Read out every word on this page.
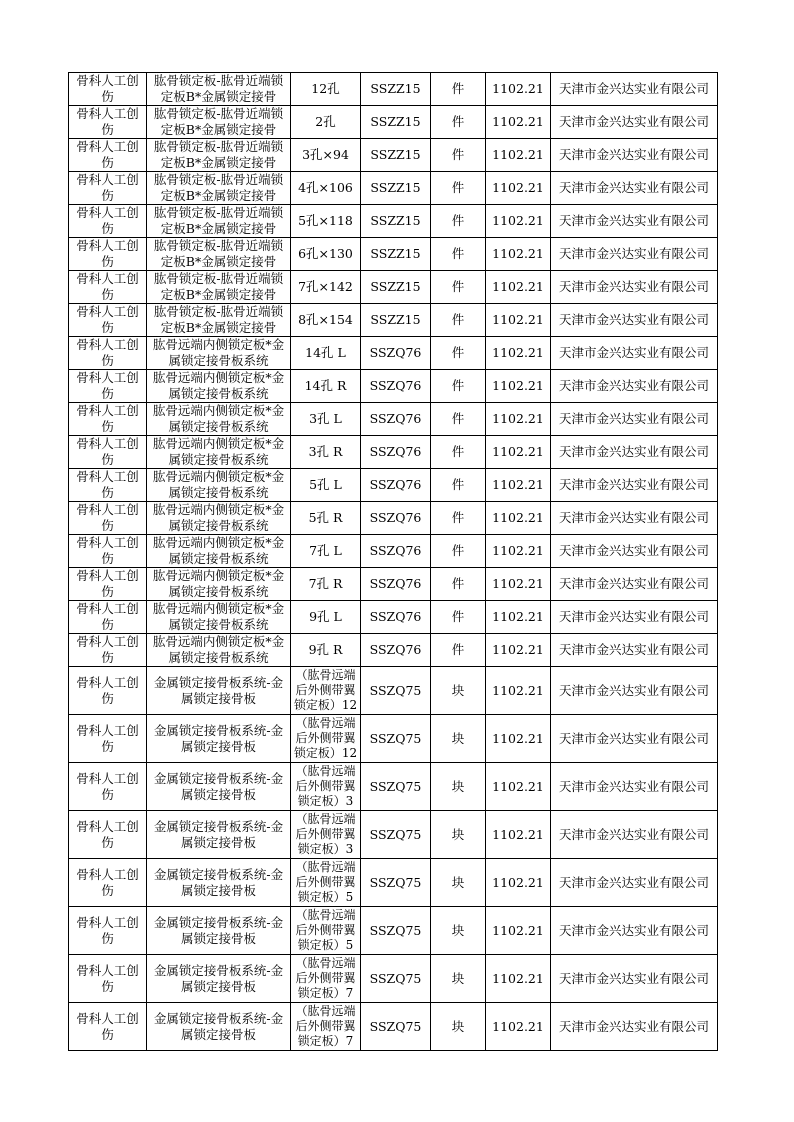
骨科人工创伤	肱骨锁定板-肱骨近端锁定板B*金属锁定接骨	12孔	SSZZ15	件	1102.21	天津市金兴达实业有限公司
骨科人工创伤	肱骨锁定板-肱骨近端锁定板B*金属锁定接骨	2孔	SSZZ15	件	1102.21	天津市金兴达实业有限公司
骨科人工创伤	肱骨锁定板-肱骨近端锁定板B*金属锁定接骨	3孔×94	SSZZ15	件	1102.21	天津市金兴达实业有限公司
骨科人工创伤	肱骨锁定板-肱骨近端锁定板B*金属锁定接骨	4孔×106	SSZZ15	件	1102.21	天津市金兴达实业有限公司
骨科人工创伤	肱骨锁定板-肱骨近端锁定板B*金属锁定接骨	5孔×118	SSZZ15	件	1102.21	天津市金兴达实业有限公司
骨科人工创伤	肱骨锁定板-肱骨近端锁定板B*金属锁定接骨	6孔×130	SSZZ15	件	1102.21	天津市金兴达实业有限公司
骨科人工创伤	肱骨锁定板-肱骨近端锁定板B*金属锁定接骨	7孔×142	SSZZ15	件	1102.21	天津市金兴达实业有限公司
骨科人工创伤	肱骨锁定板-肱骨近端锁定板B*金属锁定接骨	8孔×154	SSZZ15	件	1102.21	天津市金兴达实业有限公司
骨科人工创伤	肱骨远端内侧锁定板*金属锁定接骨板系统	14孔 L	SSZQ76	件	1102.21	天津市金兴达实业有限公司
骨科人工创伤	肱骨远端内侧锁定板*金属锁定接骨板系统	14孔 R	SSZQ76	件	1102.21	天津市金兴达实业有限公司
骨科人工创伤	肱骨远端内侧锁定板*金属锁定接骨板系统	3孔 L	SSZQ76	件	1102.21	天津市金兴达实业有限公司
骨科人工创伤	肱骨远端内侧锁定板*金属锁定接骨板系统	3孔 R	SSZQ76	件	1102.21	天津市金兴达实业有限公司
骨科人工创伤	肱骨远端内侧锁定板*金属锁定接骨板系统	5孔 L	SSZQ76	件	1102.21	天津市金兴达实业有限公司
骨科人工创伤	肱骨远端内侧锁定板*金属锁定接骨板系统	5孔 R	SSZQ76	件	1102.21	天津市金兴达实业有限公司
骨科人工创伤	肱骨远端内侧锁定板*金属锁定接骨板系统	7孔 L	SSZQ76	件	1102.21	天津市金兴达实业有限公司
骨科人工创伤	肱骨远端内侧锁定板*金属锁定接骨板系统	7孔 R	SSZQ76	件	1102.21	天津市金兴达实业有限公司
骨科人工创伤	肱骨远端内侧锁定板*金属锁定接骨板系统	9孔 L	SSZQ76	件	1102.21	天津市金兴达实业有限公司
骨科人工创伤	肱骨远端内侧锁定板*金属锁定接骨板系统	9孔 R	SSZQ76	件	1102.21	天津市金兴达实业有限公司
骨科人工创伤	金属锁定接骨板系统-金属锁定接骨板	（肱骨远端后外侧带翼锁定板）12	SSZQ75	块	1102.21	天津市金兴达实业有限公司
骨科人工创伤	金属锁定接骨板系统-金属锁定接骨板	（肱骨远端后外侧带翼锁定板）12	SSZQ75	块	1102.21	天津市金兴达实业有限公司
骨科人工创伤	金属锁定接骨板系统-金属锁定接骨板	（肱骨远端后外侧带翼锁定板）3	SSZQ75	块	1102.21	天津市金兴达实业有限公司
骨科人工创伤	金属锁定接骨板系统-金属锁定接骨板	（肱骨远端后外侧带翼锁定板）3	SSZQ75	块	1102.21	天津市金兴达实业有限公司
骨科人工创伤	金属锁定接骨板系统-金属锁定接骨板	（肱骨远端后外侧带翼锁定板）5	SSZQ75	块	1102.21	天津市金兴达实业有限公司
骨科人工创伤	金属锁定接骨板系统-金属锁定接骨板	（肱骨远端后外侧带翼锁定板）5	SSZQ75	块	1102.21	天津市金兴达实业有限公司
骨科人工创伤	金属锁定接骨板系统-金属锁定接骨板	（肱骨远端后外侧带翼锁定板）7	SSZQ75	块	1102.21	天津市金兴达实业有限公司
骨科人工创伤	金属锁定接骨板系统-金属锁定接骨板	（肱骨远端后外侧带翼锁定板）7	SSZQ75	块	1102.21	天津市金兴达实业有限公司
